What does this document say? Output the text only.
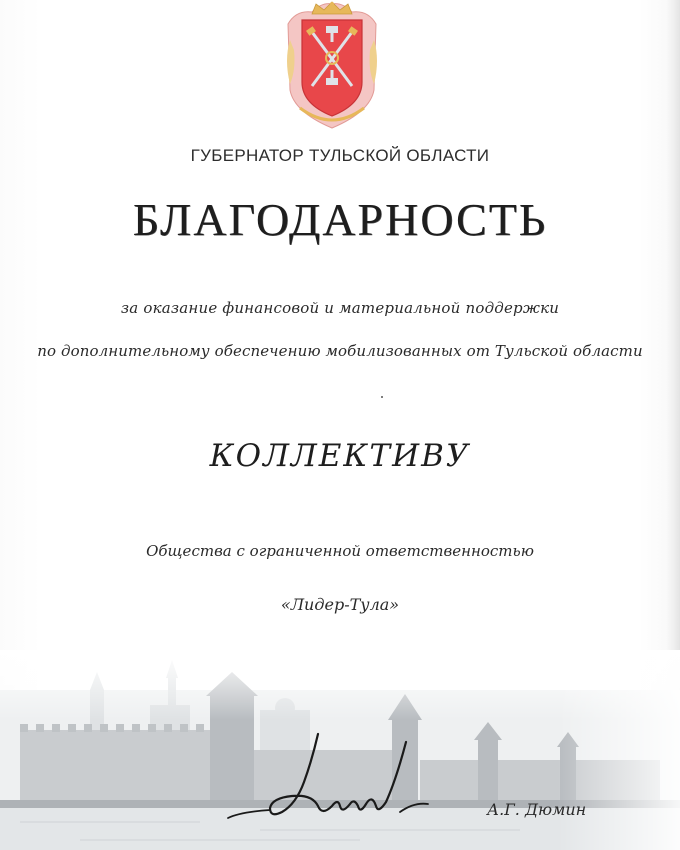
ГУБЕРНАТОР ТУЛЬСКОЙ ОБЛАСТИ
БЛАГОДАРНОСТЬ
за оказание финансовой и материальной поддержки
по дополнительному обеспечению мобилизованных от Тульской области
КОЛЛЕКТИВУ
Общества с ограниченной ответственностью
«Лидер-Тула»
А.Г. Дюмин
